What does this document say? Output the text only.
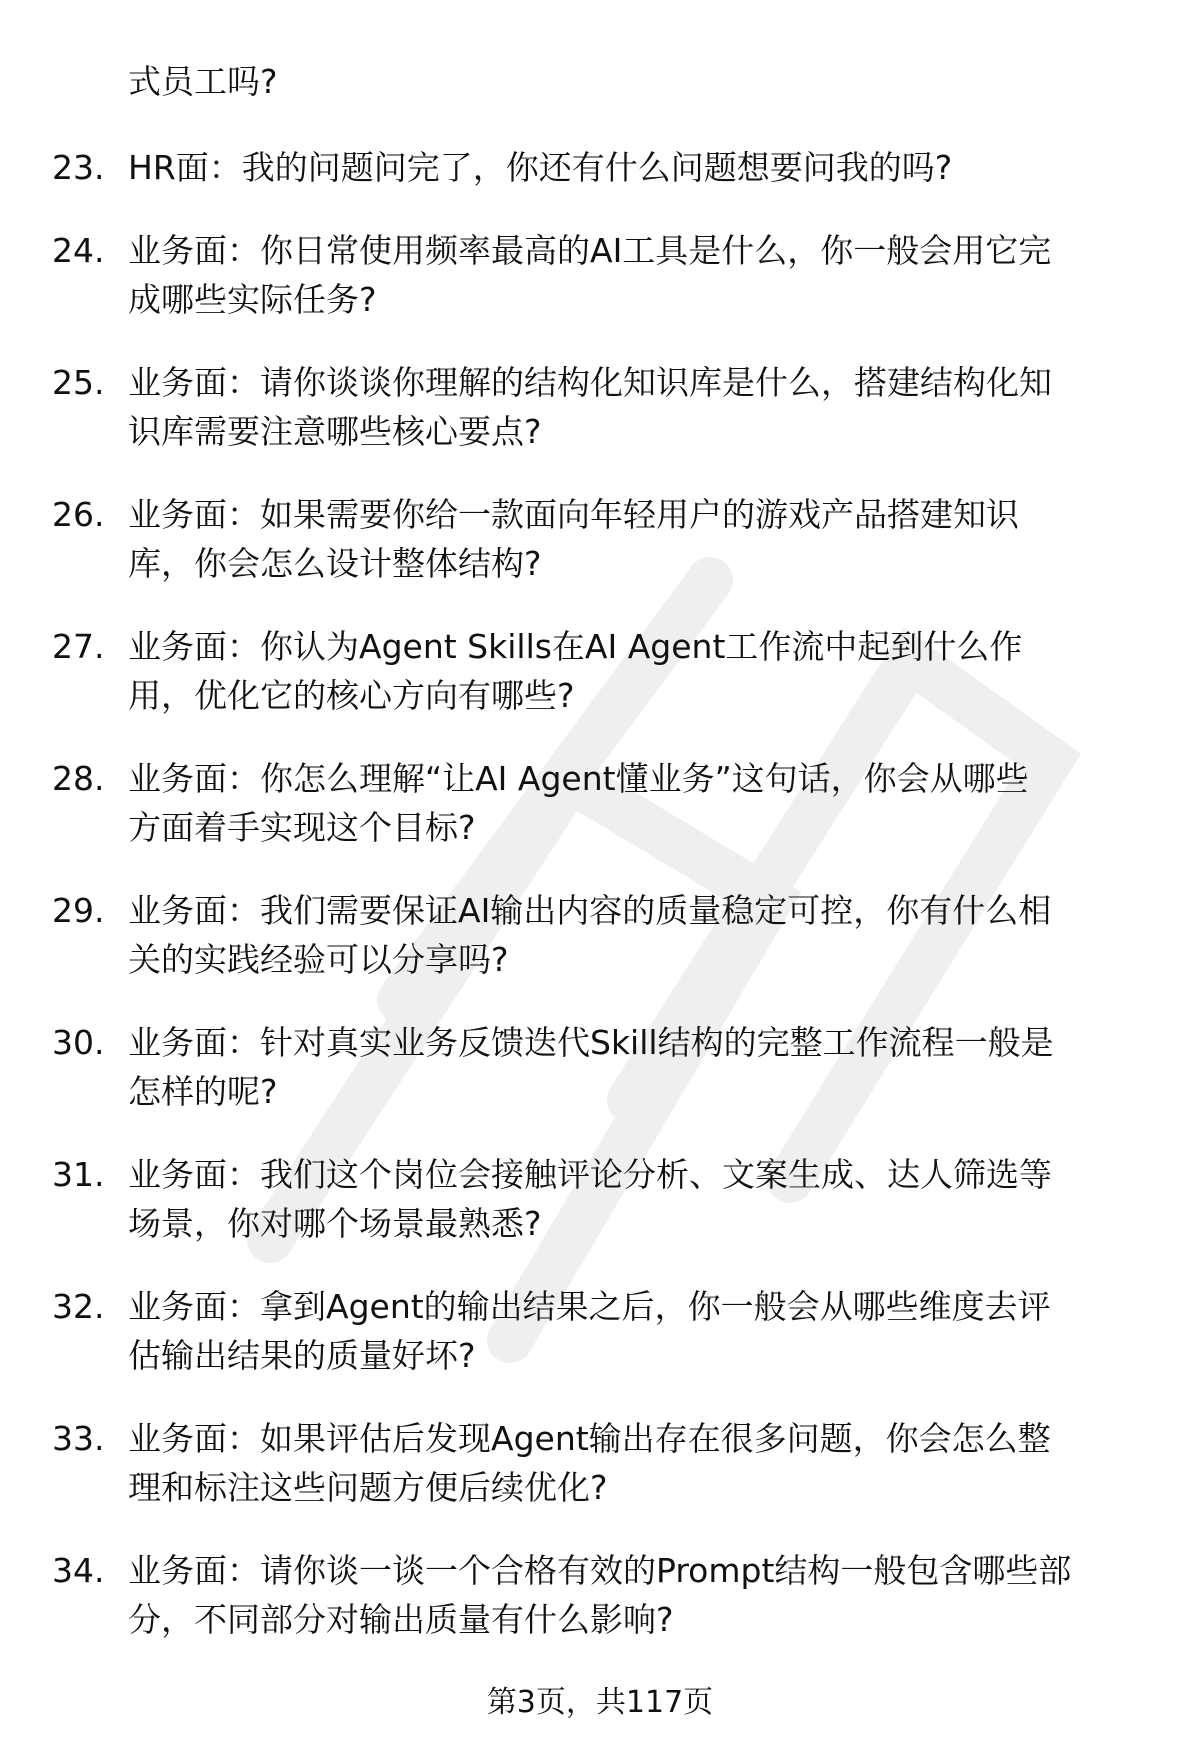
式员工吗?
23. HR面：我的问题问完了，你还有什么问题想要问我的吗?
24. 业务面：你日常使用频率最高的AI工具是什么，你一般会用它完
成哪些实际任务?
25. 业务面：请你谈谈你理解的结构化知识库是什么，搭建结构化知
识库需要注意哪些核心要点?
26. 业务面：如果需要你给一款面向年轻用户的游戏产品搭建知识
库，你会怎么设计整体结构?
27. 业务面：你认为Agent Skills在AI Agent工作流中起到什么作
用，优化它的核心方向有哪些?
28. 业务面：你怎么理解“让AI Agent懂业务”这句话，你会从哪些
方面着手实现这个目标?
29. 业务面：我们需要保证AI输出内容的质量稳定可控，你有什么相
关的实践经验可以分享吗?
30. 业务面：针对真实业务反馈迭代Skill结构的完整工作流程一般是
怎样的呢?
31. 业务面：我们这个岗位会接触评论分析、文案生成、达人筛选等
场景，你对哪个场景最熟悉?
32. 业务面：拿到Agent的输出结果之后，你一般会从哪些维度去评
估输出结果的质量好坏?
33. 业务面：如果评估后发现Agent输出存在很多问题，你会怎么整
理和标注这些问题方便后续优化?
34. 业务面：请你谈一谈一个合格有效的Prompt结构一般包含哪些部
分，不同部分对输出质量有什么影响?
第3页，共117页
